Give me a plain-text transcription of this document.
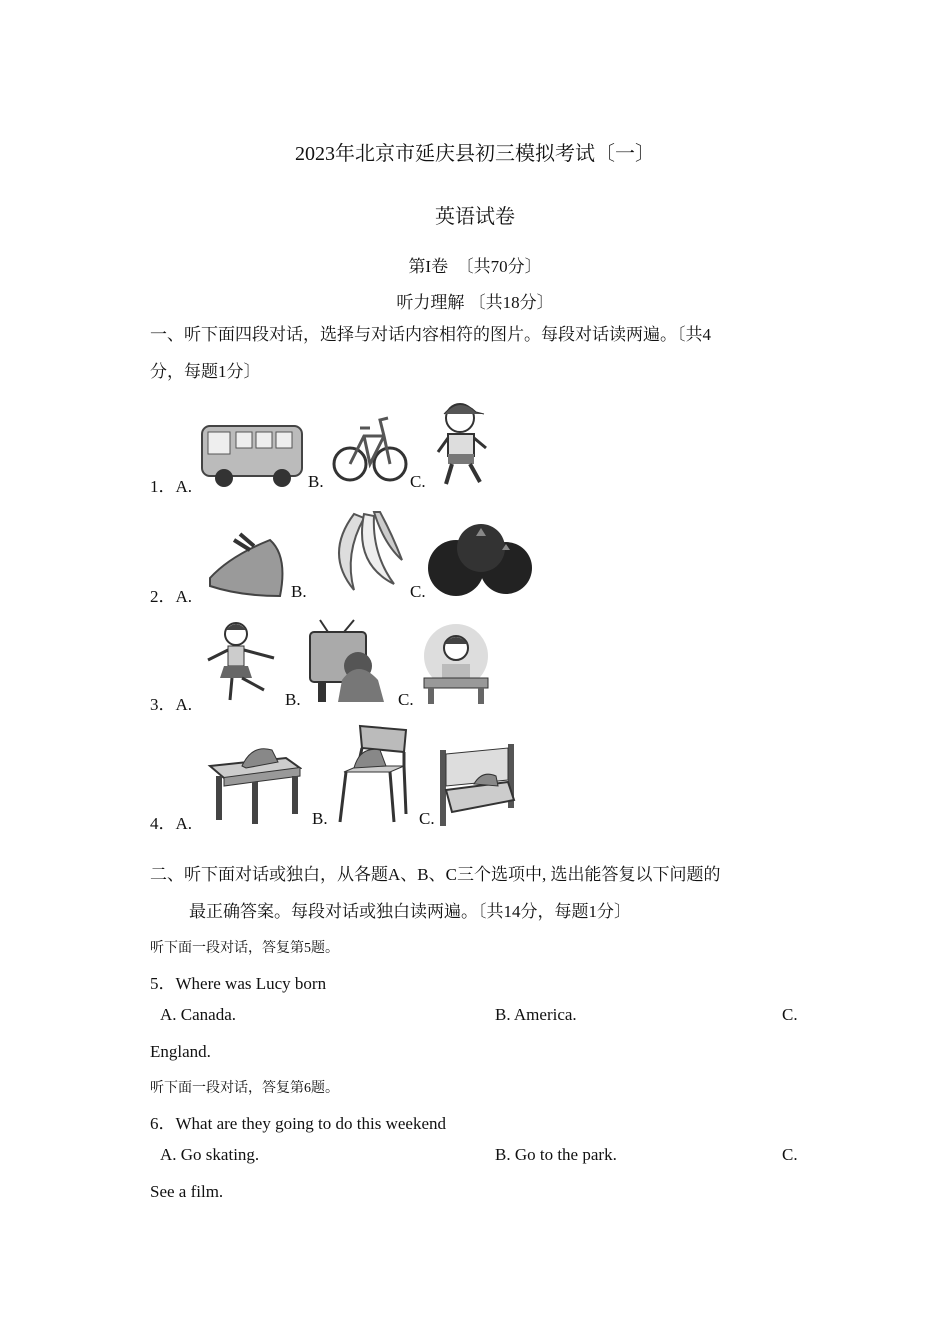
2023年北京市延庆县初三模拟考试〔一〕
英语试卷
第I卷　〔共70分〕
听力理解 〔共18分〕
一、听下面四段对话，选择与对话内容相符的图片。每段对话读两遍。〔共4
分，每题1分〕
1．A.	B.	C.
2．A.	B.	C.
3．A.	B.	C.
4．A.	B.	C.
二、听下面对话或独白，从各题A、B、C三个选项中, 选出能答复以下问题的
最正确答案。每段对话或独白读两遍。〔共14分，每题1分〕
听下面一段对话，答复第5题。
5．Where was Lucy born
A. Canada.	B. America.	C.
England.
听下面一段对话，答复第6题。
6．What are they going to do this weekend
A. Go skating.	B. Go to the park.	C.
See a film.
